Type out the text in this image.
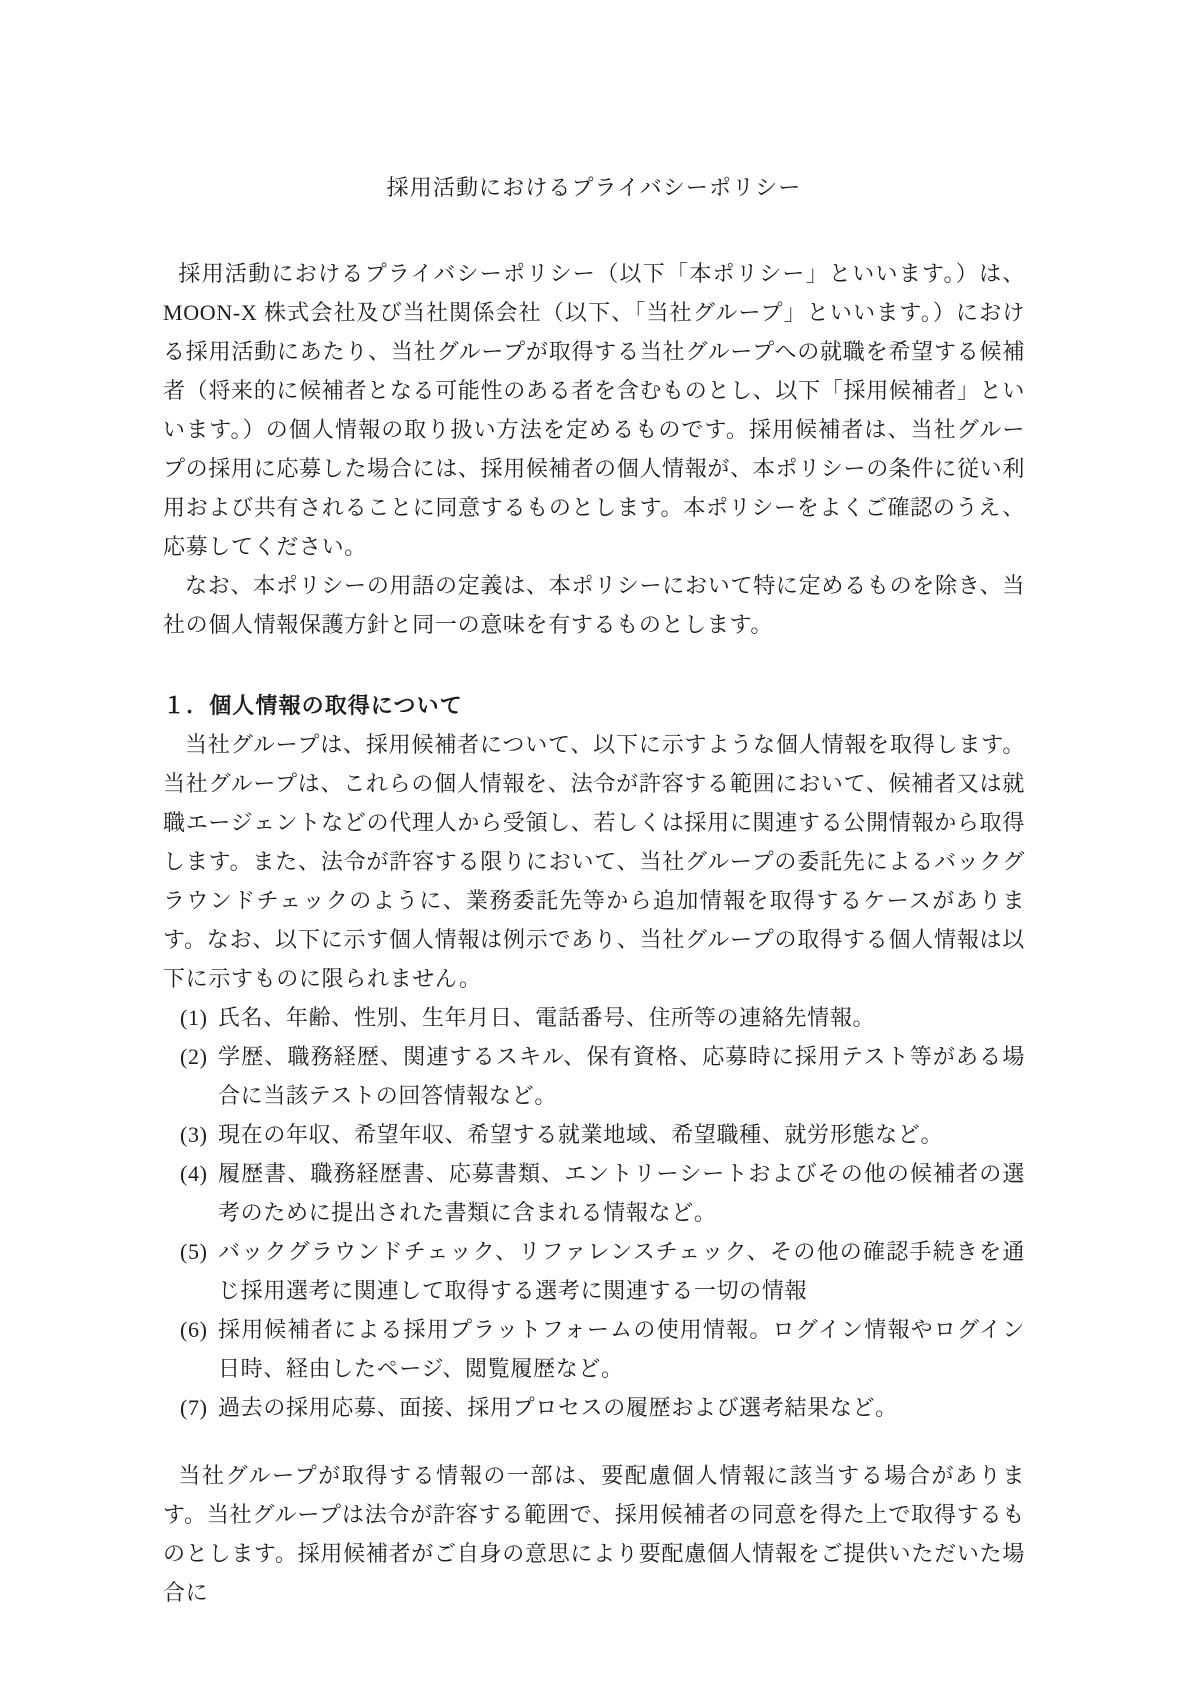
採用活動におけるプライバシーポリシー

採用活動におけるプライバシーポリシー（以下「本ポリシー」といいます。）は、MOON-X 株式会社及び当社関係会社（以下、「当社グループ」といいます。）における採用活動にあたり、当社グループが取得する当社グループへの就職を希望する候補者（将来的に候補者となる可能性のある者を含むものとし、以下「採用候補者」といいます。）の個人情報の取り扱い方法を定めるものです。採用候補者は、当社グループの採用に応募した場合には、採用候補者の個人情報が、本ポリシーの条件に従い利用および共有されることに同意するものとします。本ポリシーをよくご確認のうえ、応募してください。

なお、本ポリシーの用語の定義は、本ポリシーにおいて特に定めるものを除き、当社の個人情報保護方針と同一の意味を有するものとします。

１．個人情報の取得について

当社グループは、採用候補者について、以下に示すような個人情報を取得します。当社グループは、これらの個人情報を、法令が許容する範囲において、候補者又は就職エージェントなどの代理人から受領し、若しくは採用に関連する公開情報から取得します。また、法令が許容する限りにおいて、当社グループの委託先によるバックグラウンドチェックのように、業務委託先等から追加情報を取得するケースがあります。なお、以下に示す個人情報は例示であり、当社グループの取得する個人情報は以下に示すものに限られません。

(1) 氏名、年齢、性別、生年月日、電話番号、住所等の連絡先情報。
(2) 学歴、職務経歴、関連するスキル、保有資格、応募時に採用テスト等がある場合に当該テストの回答情報など。
(3) 現在の年収、希望年収、希望する就業地域、希望職種、就労形態など。
(4) 履歴書、職務経歴書、応募書類、エントリーシートおよびその他の候補者の選考のために提出された書類に含まれる情報など。
(5) バックグラウンドチェック、リファレンスチェック、その他の確認手続きを通じ採用選考に関連して取得する選考に関連する一切の情報
(6) 採用候補者による採用プラットフォームの使用情報。ログイン情報やログイン日時、経由したページ、閲覧履歴など。
(7) 過去の採用応募、面接、採用プロセスの履歴および選考結果など。

当社グループが取得する情報の一部は、要配慮個人情報に該当する場合があります。当社グループは法令が許容する範囲で、採用候補者の同意を得た上で取得するものとします。採用候補者がご自身の意思により要配慮個人情報をご提供いただいた場合に
